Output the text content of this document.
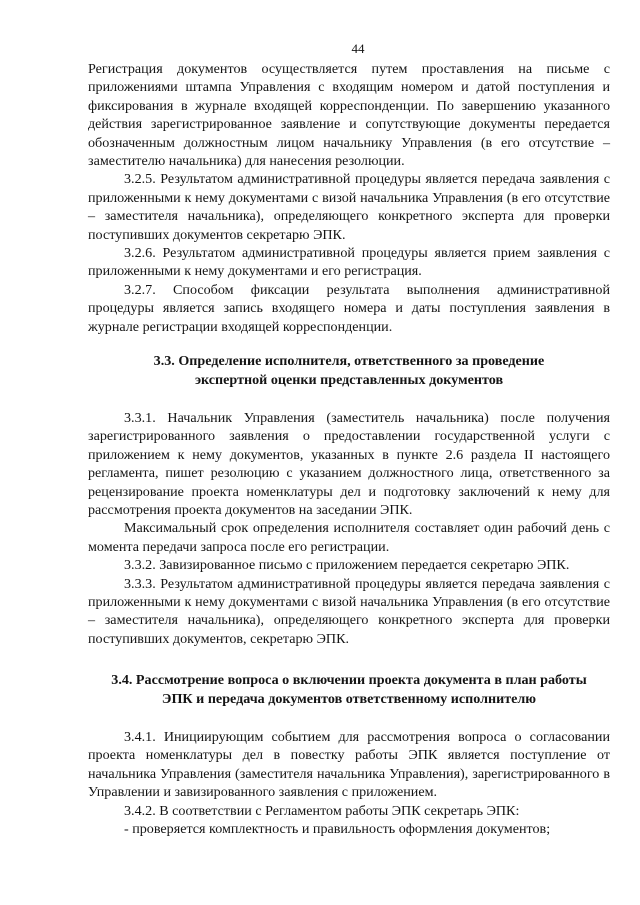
44

Регистрация документов осуществляется путем проставления на письме с приложениями штампа Управления с входящим номером и датой поступления и фиксирования в журнале входящей корреспонденции. По завершению указанного действия зарегистрированное заявление и сопутствующие документы передается обозначенным должностным лицом начальнику Управления (в его отсутствие – заместителю начальника) для нанесения резолюции.

3.2.5. Результатом административной процедуры является передача заявления с приложенными к нему документами с визой начальника Управления (в его отсутствие – заместителя начальника), определяющего конкретного эксперта для проверки поступивших документов секретарю ЭПК.

3.2.6. Результатом административной процедуры является прием заявления с приложенными к нему документами и его регистрация.

3.2.7. Способом фиксации результата выполнения административной процедуры является запись входящего номера и даты поступления заявления в журнале регистрации входящей корреспонденции.

3.3. Определение исполнителя, ответственного за проведение

экспертной оценки представленных документов

3.3.1. Начальник Управления (заместитель начальника) после получения зарегистрированного заявления о предоставлении государственной услуги с приложением к нему документов, указанных в пункте 2.6 раздела II настоящего регламента, пишет резолюцию с указанием должностного лица, ответственного за рецензирование проекта номенклатуры дел и подготовку заключений к нему для рассмотрения проекта документов на заседании ЭПК.

Максимальный срок определения исполнителя составляет один рабочий день с момента передачи запроса после его регистрации.

3.3.2. Завизированное письмо с приложением передается секретарю ЭПК.

3.3.3. Результатом административной процедуры является передача заявления с приложенными к нему документами с визой начальника Управления (в его отсутствие – заместителя начальника), определяющего конкретного эксперта для проверки поступивших документов, секретарю ЭПК.

3.4. Рассмотрение вопроса о включении проекта документа в план работы

ЭПК и передача документов ответственному исполнителю

3.4.1. Инициирующим событием для рассмотрения вопроса о согласовании проекта номенклатуры дел в повестку работы ЭПК является поступление от начальника Управления (заместителя начальника Управления), зарегистрированного в Управлении и завизированного заявления с приложением.

3.4.2. В соответствии с Регламентом работы ЭПК секретарь ЭПК:

- проверяется комплектность и правильность оформления документов;
